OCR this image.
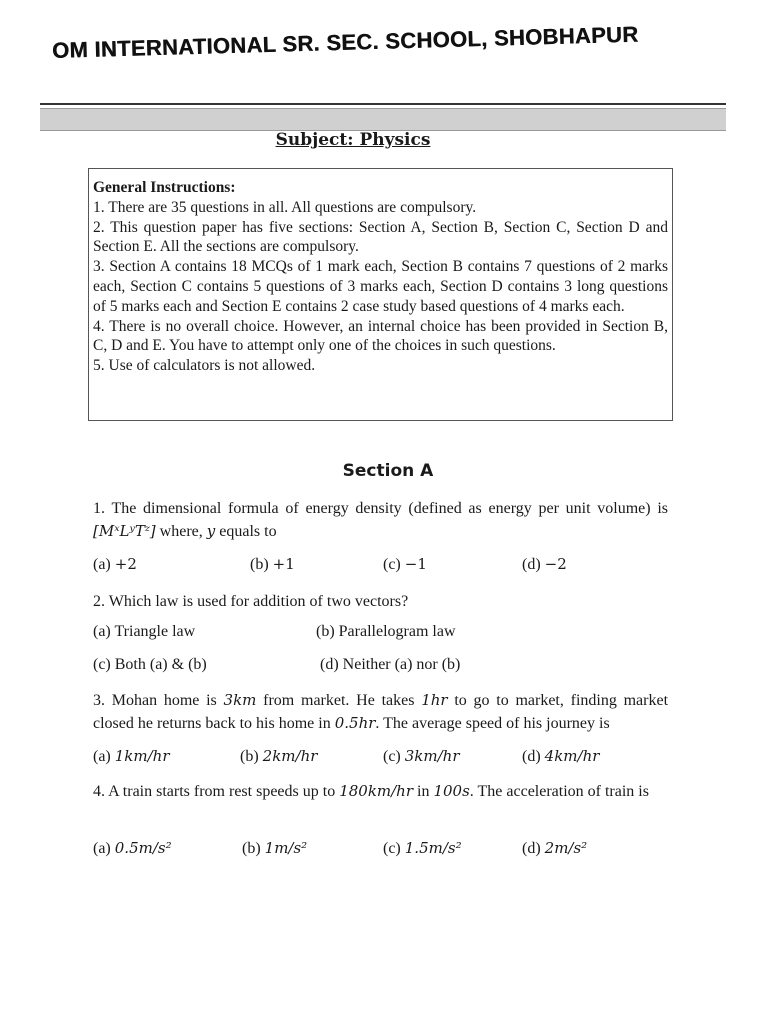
OM INTERNATIONAL SR. SEC. SCHOOL, SHOBHAPUR
Subject: Physics

General Instructions:

1. There are 35 questions in all. All questions are compulsory.

2. This question paper has five sections: Section A, Section B, Section C, Section D and Section E. All the sections are compulsory.

3. Section A contains 18 MCQs of 1 mark each, Section B contains 7 questions of 2 marks each, Section C contains 5 questions of 3 marks each, Section D contains 3 long questions of 5 marks each and Section E contains 2 case study based questions of 4 marks each.

4. There is no overall choice. However, an internal choice has been provided in Section B, C, D and E. You have to attempt only one of the choices in such questions.

5. Use of calculators is not allowed.

Section A
1. The dimensional formula of energy density (defined as energy per unit volume) is [MˣLʸTᶻ] where, y equals to
(a) +2	(b) +1	(c) −1	(d) −2
2. Which law is used for addition of two vectors?
(a) Triangle law	(b) Parallelogram law
(c) Both (a) & (b)	(d) Neither (a) nor (b)
3. Mohan home is 3km from market. He takes 1hr to go to market, finding market closed he returns back to his home in 0.5hr. The average speed of his journey is
(a) 1km/hr	(b) 2km/hr	(c) 3km/hr	(d) 4km/hr
4. A train starts from rest speeds up to 180km/hr in 100s. The acceleration of train is
(a) 0.5m/s²	(b) 1m/s²	(c) 1.5m/s²	(d) 2m/s²
